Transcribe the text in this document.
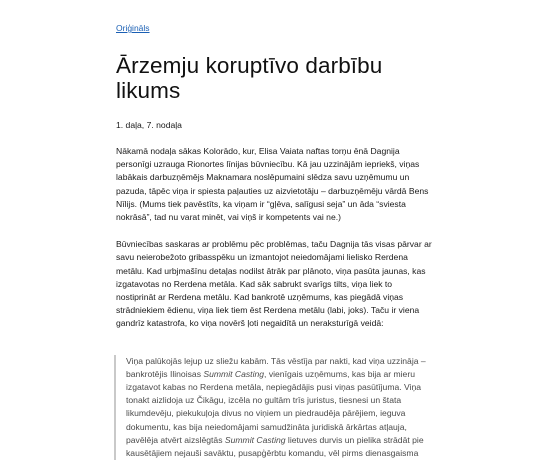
Oriģināls
Ārzemju koruptīvo darbību likums

1. daļa, 7. nodaļa

Nākamā nodaļa sākas Kolorādo, kur, Elisa Vaiata naftas torņu ēnā Dagnija personīgi uzrauga Rionortes līnijas būvniecību. Kā jau uzzinājām iepriekš, viņas labākais darbuzņēmējs Maknamara noslēpumaini slēdza savu uzņēmumu un pazuda, tāpēc viņa ir spiesta paļauties uz aizvietotāju – darbuzņēmēju vārdā Bens Nīlijs. (Mums tiek pavēstīts, ka viņam ir “gļēva, salīgusi seja” un āda “sviesta nokrāsā”, tad nu varat minēt, vai viņš ir kompetents vai ne.)

Būvniecības saskaras ar problēmu pēc problēmas, taču Dagnija tās visas pārvar ar savu neierobežoto gribasspēku un izmantojot neiedomājami lielisko Rerdena metālu. Kad urbjmašīnu detaļas nodilst ātrāk par plānoto, viņa pasūta jaunas, kas izgatavotas no Rerdena metāla. Kad sāk sabrukt svarīgs tilts, viņa liek to nostiprināt ar Rerdena metālu. Kad bankrotē uzņēmums, kas piegādā viņas strādniekiem ēdienu, viņa liek tiem ēst Rerdena metālu (labi, joks). Taču ir viena gandrīz katastrofa, ko viņa novērš ļoti negaidītā un neraksturīgā veidā:

Viņa palūkojās lejup uz sliežu kabām. Tās vēstīja par nakti, kad viņa uzzināja – bankrotējis Ilinoisas Summit Casting, vienīgais uzņēmums, kas bija ar mieru izgatavot kabas no Rerdena metāla, nepiegādājis pusi viņas pasūtījuma. Viņa tonakt aizlidoja uz Čikāgu, izcēla no gultām trīs juristus, tiesnesi un štata likumdevēju, piekukuļoja divus no viņiem un piedraudēja pārējiem, ieguva dokumentu, kas bija neiedomājami samudžināta juridiskā ārkārtas atļauja, pavēlēja atvērt aizslēgtās Summit Casting lietuves durvis un pielika strādāt pie kausētājiem nejauši savāktu, pusapģērbtu komandu, vēl pirms dienasgaisma
